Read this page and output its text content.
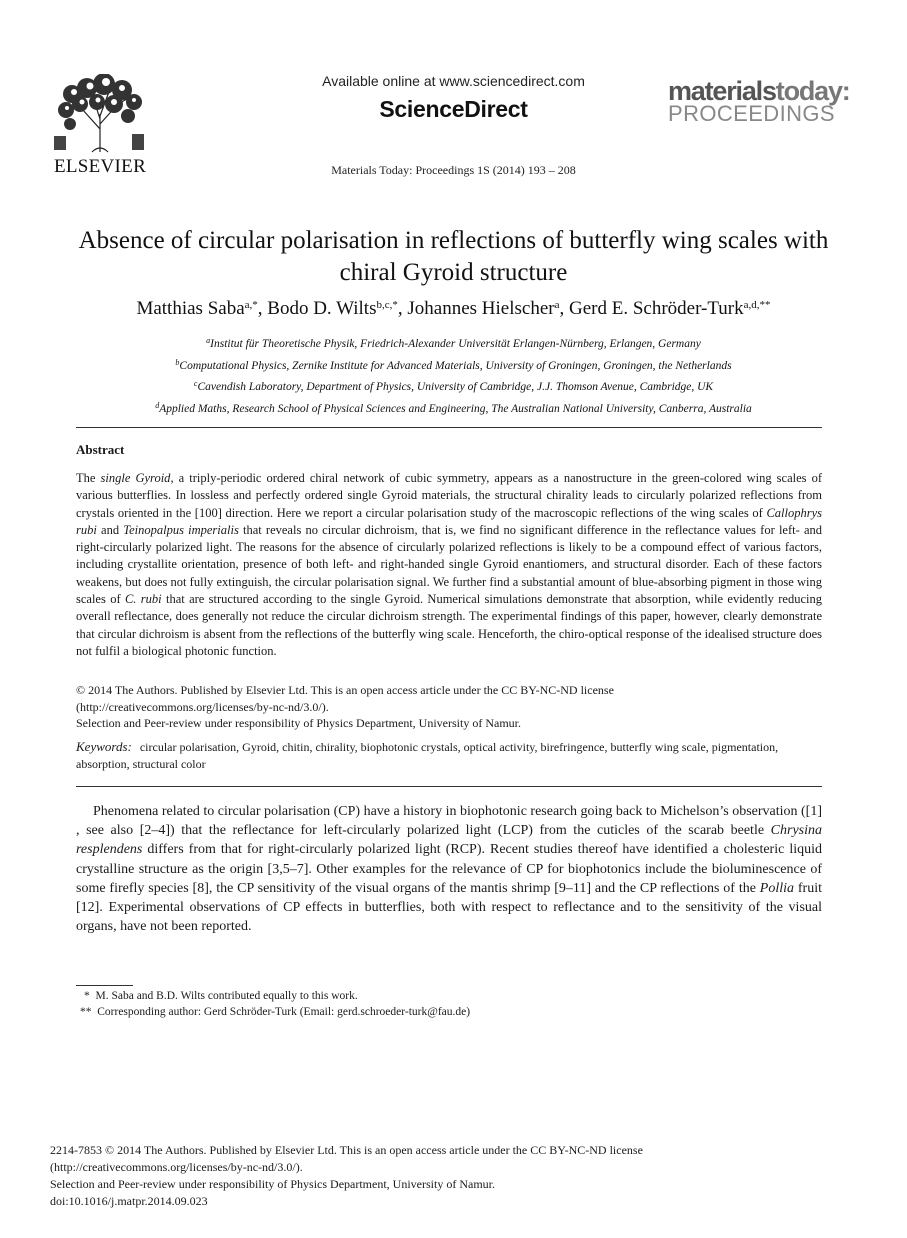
ELSEVIER
Available online at www.sciencedirect.com
ScienceDirect
Materials Today: Proceedings 1S (2014) 193 – 208
materialstoday:
PROCEEDINGS
Absence of circular polarisation in reflections of butterfly wing scales with chiral Gyroid structure
Matthias Saba$^{a,*}$, Bodo D. Wilts$^{b,c,*}$, Johannes Hielscher$^a$, Gerd E. Schröder-Turk$^{a,d,**}$
$^a$Institut für Theoretische Physik, Friedrich-Alexander Universität Erlangen-Nürnberg, Erlangen, Germany
$^b$Computational Physics, Zernike Institute for Advanced Materials, University of Groningen, Groningen, the Netherlands
$^c$Cavendish Laboratory, Department of Physics, University of Cambridge, J.J. Thomson Avenue, Cambridge, UK
$^d$Applied Maths, Research School of Physical Sciences and Engineering, The Australian National University, Canberra, Australia
Abstract
The single Gyroid, a triply-periodic ordered chiral network of cubic symmetry, appears as a nanostructure in the green-colored wing scales of various butterflies. In lossless and perfectly ordered single Gyroid materials, the structural chirality leads to circularly polarized reflections from crystals oriented in the [100] direction. Here we report a circular polarisation study of the macroscopic reflections of the wing scales of Callophrys rubi and Teinopalpus imperialis that reveals no circular dichroism, that is, we find no significant difference in the reflectance values for left- and right-circularly polarized light. The reasons for the absence of circularly polarized reflections is likely to be a compound effect of various factors, including crystallite orientation, presence of both left- and right-handed single Gyroid enantiomers, and structural disorder. Each of these factors weakens, but does not fully extinguish, the circular polarisation signal. We further find a substantial amount of blue-absorbing pigment in those wing scales of C. rubi that are structured according to the single Gyroid. Numerical simulations demonstrate that absorption, while evidently reducing overall reflectance, does generally not reduce the circular dichroism strength. The experimental findings of this paper, however, clearly demonstrate that circular dichroism is absent from the reflections of the butterfly wing scale. Henceforth, the chiro-optical response of the idealised structure does not fulfil a biological photonic function.
© 2014 The Authors. Published by Elsevier Ltd. This is an open access article under the CC BY-NC-ND license
(http://creativecommons.org/licenses/by-nc-nd/3.0/).
Selection and Peer-review under responsibility of Physics Department, University of Namur.
Keywords: circular polarisation, Gyroid, chitin, chirality, biophotonic crystals, optical activity, birefringence, butterfly wing scale, pigmentation, absorption, structural color
Phenomena related to circular polarisation (CP) have a history in biophotonic research going back to Michelson’s observation ([1] , see also [2–4]) that the reflectance for left-circularly polarized light (LCP) from the cuticles of the scarab beetle Chrysina resplendens differs from that for right-circularly polarized light (RCP). Recent studies thereof have identified a cholesteric liquid crystalline structure as the origin [3,5–7]. Other examples for the relevance of CP for biophotonics include the bioluminescence of some firefly species [8], the CP sensitivity of the visual organs of the mantis shrimp [9–11] and the CP reflections of the Pollia fruit [12]. Experimental observations of CP effects in butterflies, both with respect to reflectance and to the sensitivity of the visual organs, have not been reported.
* M. Saba and B.D. Wilts contributed equally to this work.
** Corresponding author: Gerd Schröder-Turk (Email: gerd.schroeder-turk@fau.de)
2214-7853 © 2014 The Authors. Published by Elsevier Ltd. This is an open access article under the CC BY-NC-ND license
(http://creativecommons.org/licenses/by-nc-nd/3.0/).
Selection and Peer-review under responsibility of Physics Department, University of Namur.
doi:10.1016/j.matpr.2014.09.023
